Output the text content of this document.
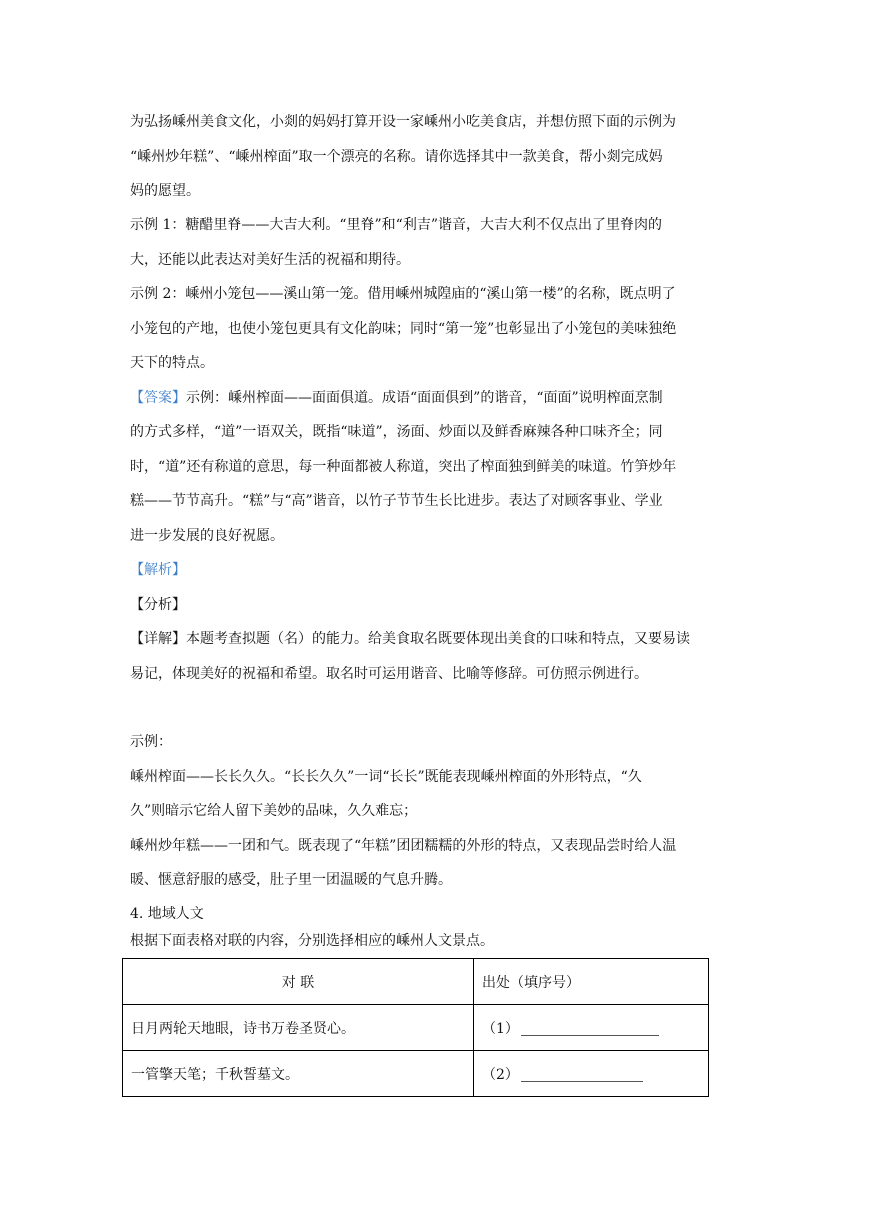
为弘扬嵊州美食文化，小剡的妈妈打算开设一家嵊州小吃美食店，并想仿照下面的示例为
“嵊州炒年糕”、“嵊州榨面”取一个漂亮的名称。请你选择其中一款美食，帮小剡完成妈
妈的愿望。
示例 1：糖醋里脊——大吉大利。“里脊”和“利吉”谐音，大吉大利不仅点出了里脊肉的
大，还能以此表达对美好生活的祝福和期待。
示例 2：嵊州小笼包——溪山第一笼。借用嵊州城隍庙的“溪山第一楼”的名称，既点明了
小笼包的产地，也使小笼包更具有文化韵味；同时“第一笼”也彰显出了小笼包的美味独绝
天下的特点。
【答案】示例：嵊州榨面——面面俱道。成语“面面俱到”的谐音，“面面”说明榨面烹制
的方式多样，“道”一语双关，既指“味道”，汤面、炒面以及鲜香麻辣各种口味齐全；同
时，“道”还有称道的意思，每一种面都被人称道，突出了榨面独到鲜美的味道。竹笋炒年
糕——节节高升。“糕”与“高”谐音，以竹子节节生长比进步。表达了对顾客事业、学业
进一步发展的良好祝愿。
【解析】
【分析】
【详解】本题考查拟题（名）的能力。给美食取名既要体现出美食的口味和特点，又要易读
易记，体现美好的祝福和希望。取名时可运用谐音、比喻等修辞。可仿照示例进行。
示例：
嵊州榨面——长长久久。“长长久久”一词“长长”既能表现嵊州榨面的外形特点，“久
久”则暗示它给人留下美妙的品味，久久难忘；
嵊州炒年糕——一团和气。既表现了“年糕”团团糯糯的外形的特点，又表现品尝时给人温
暖、惬意舒服的感受，肚子里一团温暖的气息升腾。
4. 地域人文
根据下面表格对联的内容，分别选择相应的嵊州人文景点。
对 联	出处（填序号）
日月两轮天地眼，诗书万卷圣贤心。	（1）
一管擎天笔；千秋誓墓文。	（2）
